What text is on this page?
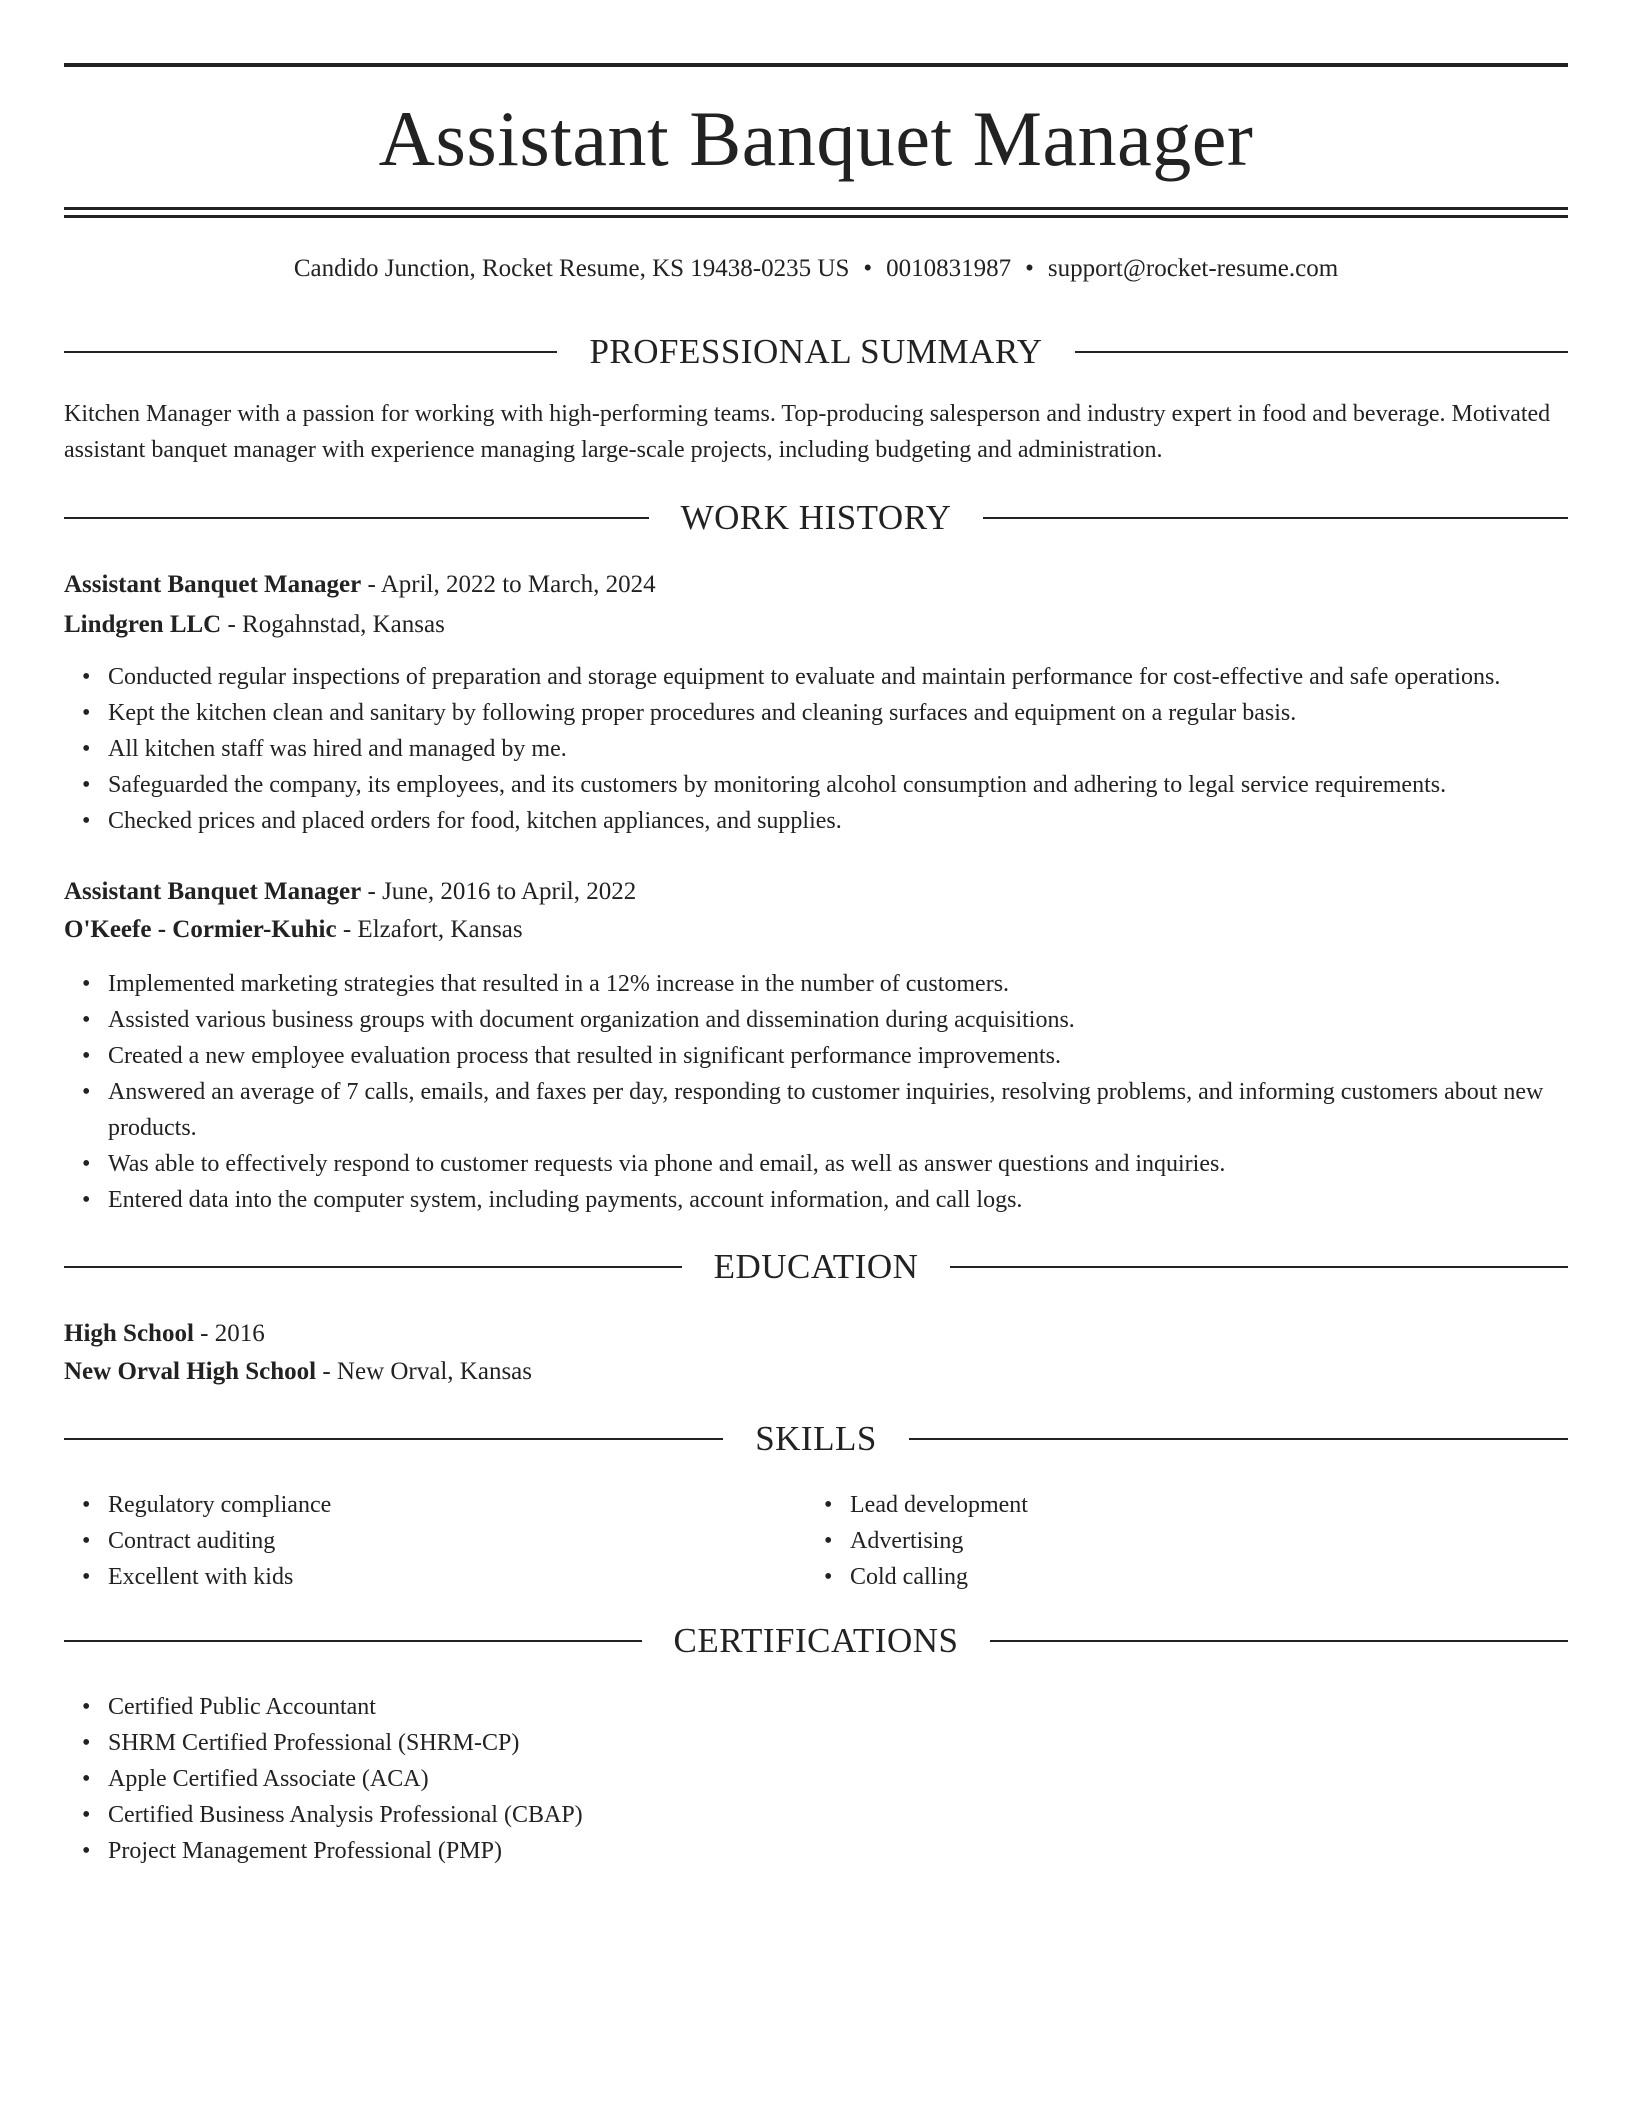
Assistant Banquet Manager
Candido Junction, Rocket Resume, KS 19438-0235 US • 0010831987 • support@rocket-resume.com
PROFESSIONAL SUMMARY
Kitchen Manager with a passion for working with high-performing teams. Top-producing salesperson and industry expert in food and beverage. Motivated assistant banquet manager with experience managing large-scale projects, including budgeting and administration.
WORK HISTORY
Assistant Banquet Manager - April, 2022 to March, 2024
Lindgren LLC - Rogahnstad, Kansas
• Conducted regular inspections of preparation and storage equipment to evaluate and maintain performance for cost-effective and safe operations.
• Kept the kitchen clean and sanitary by following proper procedures and cleaning surfaces and equipment on a regular basis.
• All kitchen staff was hired and managed by me.
• Safeguarded the company, its employees, and its customers by monitoring alcohol consumption and adhering to legal service requirements.
• Checked prices and placed orders for food, kitchen appliances, and supplies.
Assistant Banquet Manager - June, 2016 to April, 2022
O'Keefe - Cormier-Kuhic - Elzafort, Kansas
• Implemented marketing strategies that resulted in a 12% increase in the number of customers.
• Assisted various business groups with document organization and dissemination during acquisitions.
• Created a new employee evaluation process that resulted in significant performance improvements.
• Answered an average of 7 calls, emails, and faxes per day, responding to customer inquiries, resolving problems, and informing customers about new products.
• Was able to effectively respond to customer requests via phone and email, as well as answer questions and inquiries.
• Entered data into the computer system, including payments, account information, and call logs.
EDUCATION
High School - 2016
New Orval High School - New Orval, Kansas
SKILLS
• Regulatory compliance
• Contract auditing
• Excellent with kids
• Lead development
• Advertising
• Cold calling
CERTIFICATIONS
• Certified Public Accountant
• SHRM Certified Professional (SHRM-CP)
• Apple Certified Associate (ACA)
• Certified Business Analysis Professional (CBAP)
• Project Management Professional (PMP)
